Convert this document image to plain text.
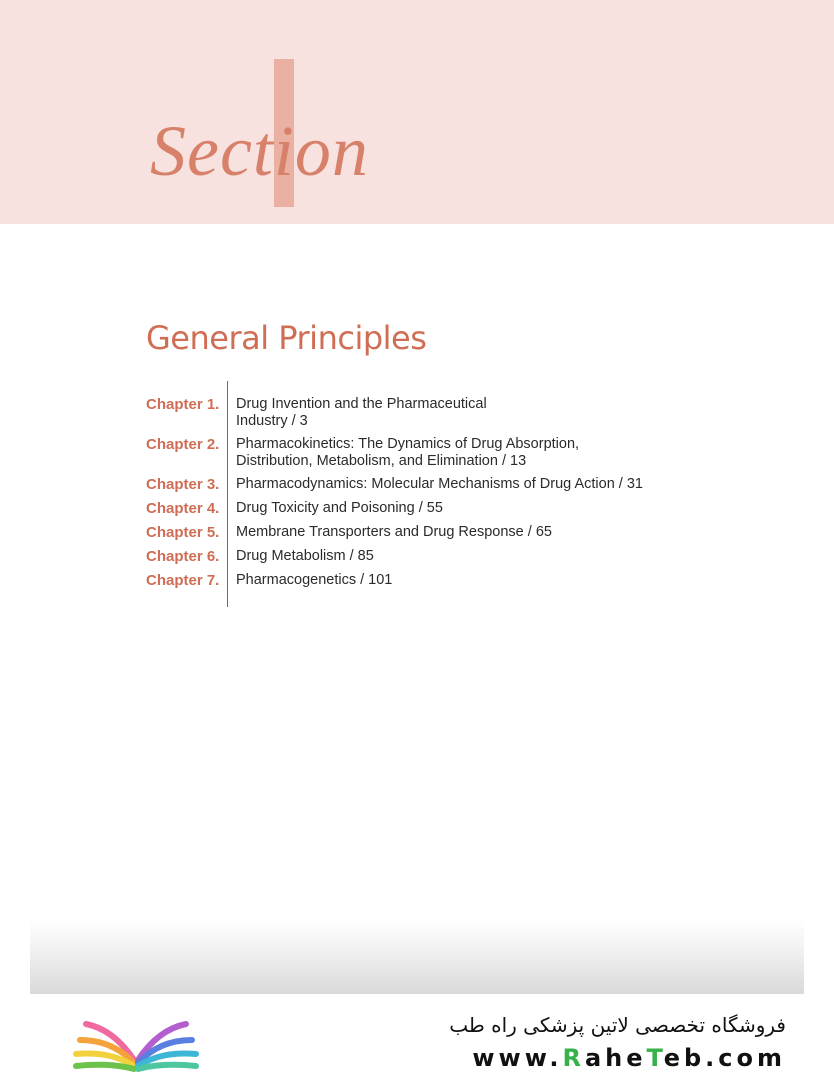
Section
General Principles
Chapter 1.	Drug Invention and the Pharmaceutical
Industry / 3
Chapter 2.	Pharmacokinetics: The Dynamics of Drug Absorption,
Distribution, Metabolism, and Elimination / 13
Chapter 3.	Pharmacodynamics: Molecular Mechanisms of Drug Action / 31
Chapter 4.	Drug Toxicity and Poisoning / 55
Chapter 5.	Membrane Transporters and Drug Response / 65
Chapter 6.	Drug Metabolism / 85
Chapter 7.	Pharmacogenetics / 101

فروشگاه تخصصی لاتین پزشکی راه طب

www.RaheTeb.com
